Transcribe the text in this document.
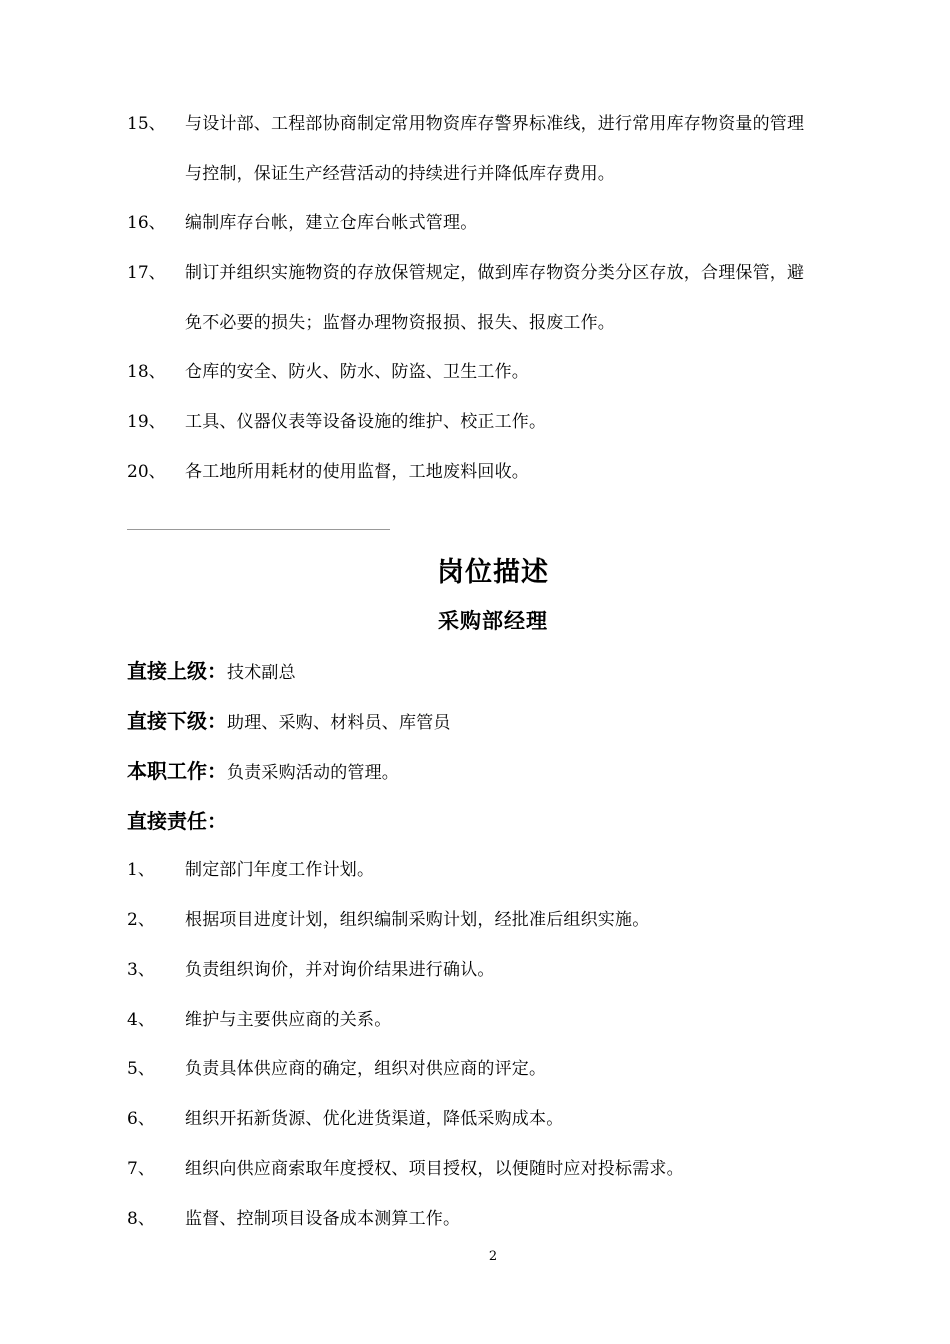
15、	与设计部、工程部协商制定常用物资库存警界标准线，进行常用库存物资量的管理
与控制，保证生产经营活动的持续进行并降低库存费用。
16、	编制库存台帐，建立仓库台帐式管理。
17、	制订并组织实施物资的存放保管规定，做到库存物资分类分区存放，合理保管，避
免不必要的损失；监督办理物资报损、报失、报废工作。
18、	仓库的安全、防火、防水、防盗、卫生工作。
19、	工具、仪器仪表等设备设施的维护、校正工作。
20、	各工地所用耗材的使用监督，工地废料回收。
岗位描述
采购部经理
直接上级：技术副总
直接下级：助理、采购、材料员、库管员
本职工作：负责采购活动的管理。
直接责任：
1、	制定部门年度工作计划。
2、	根据项目进度计划，组织编制采购计划，经批准后组织实施。
3、	负责组织询价，并对询价结果进行确认。
4、	维护与主要供应商的关系。
5、	负责具体供应商的确定，组织对供应商的评定。
6、	组织开拓新货源、优化进货渠道，降低采购成本。
7、	组织向供应商索取年度授权、项目授权，以便随时应对投标需求。
8、	监督、控制项目设备成本测算工作。
2
